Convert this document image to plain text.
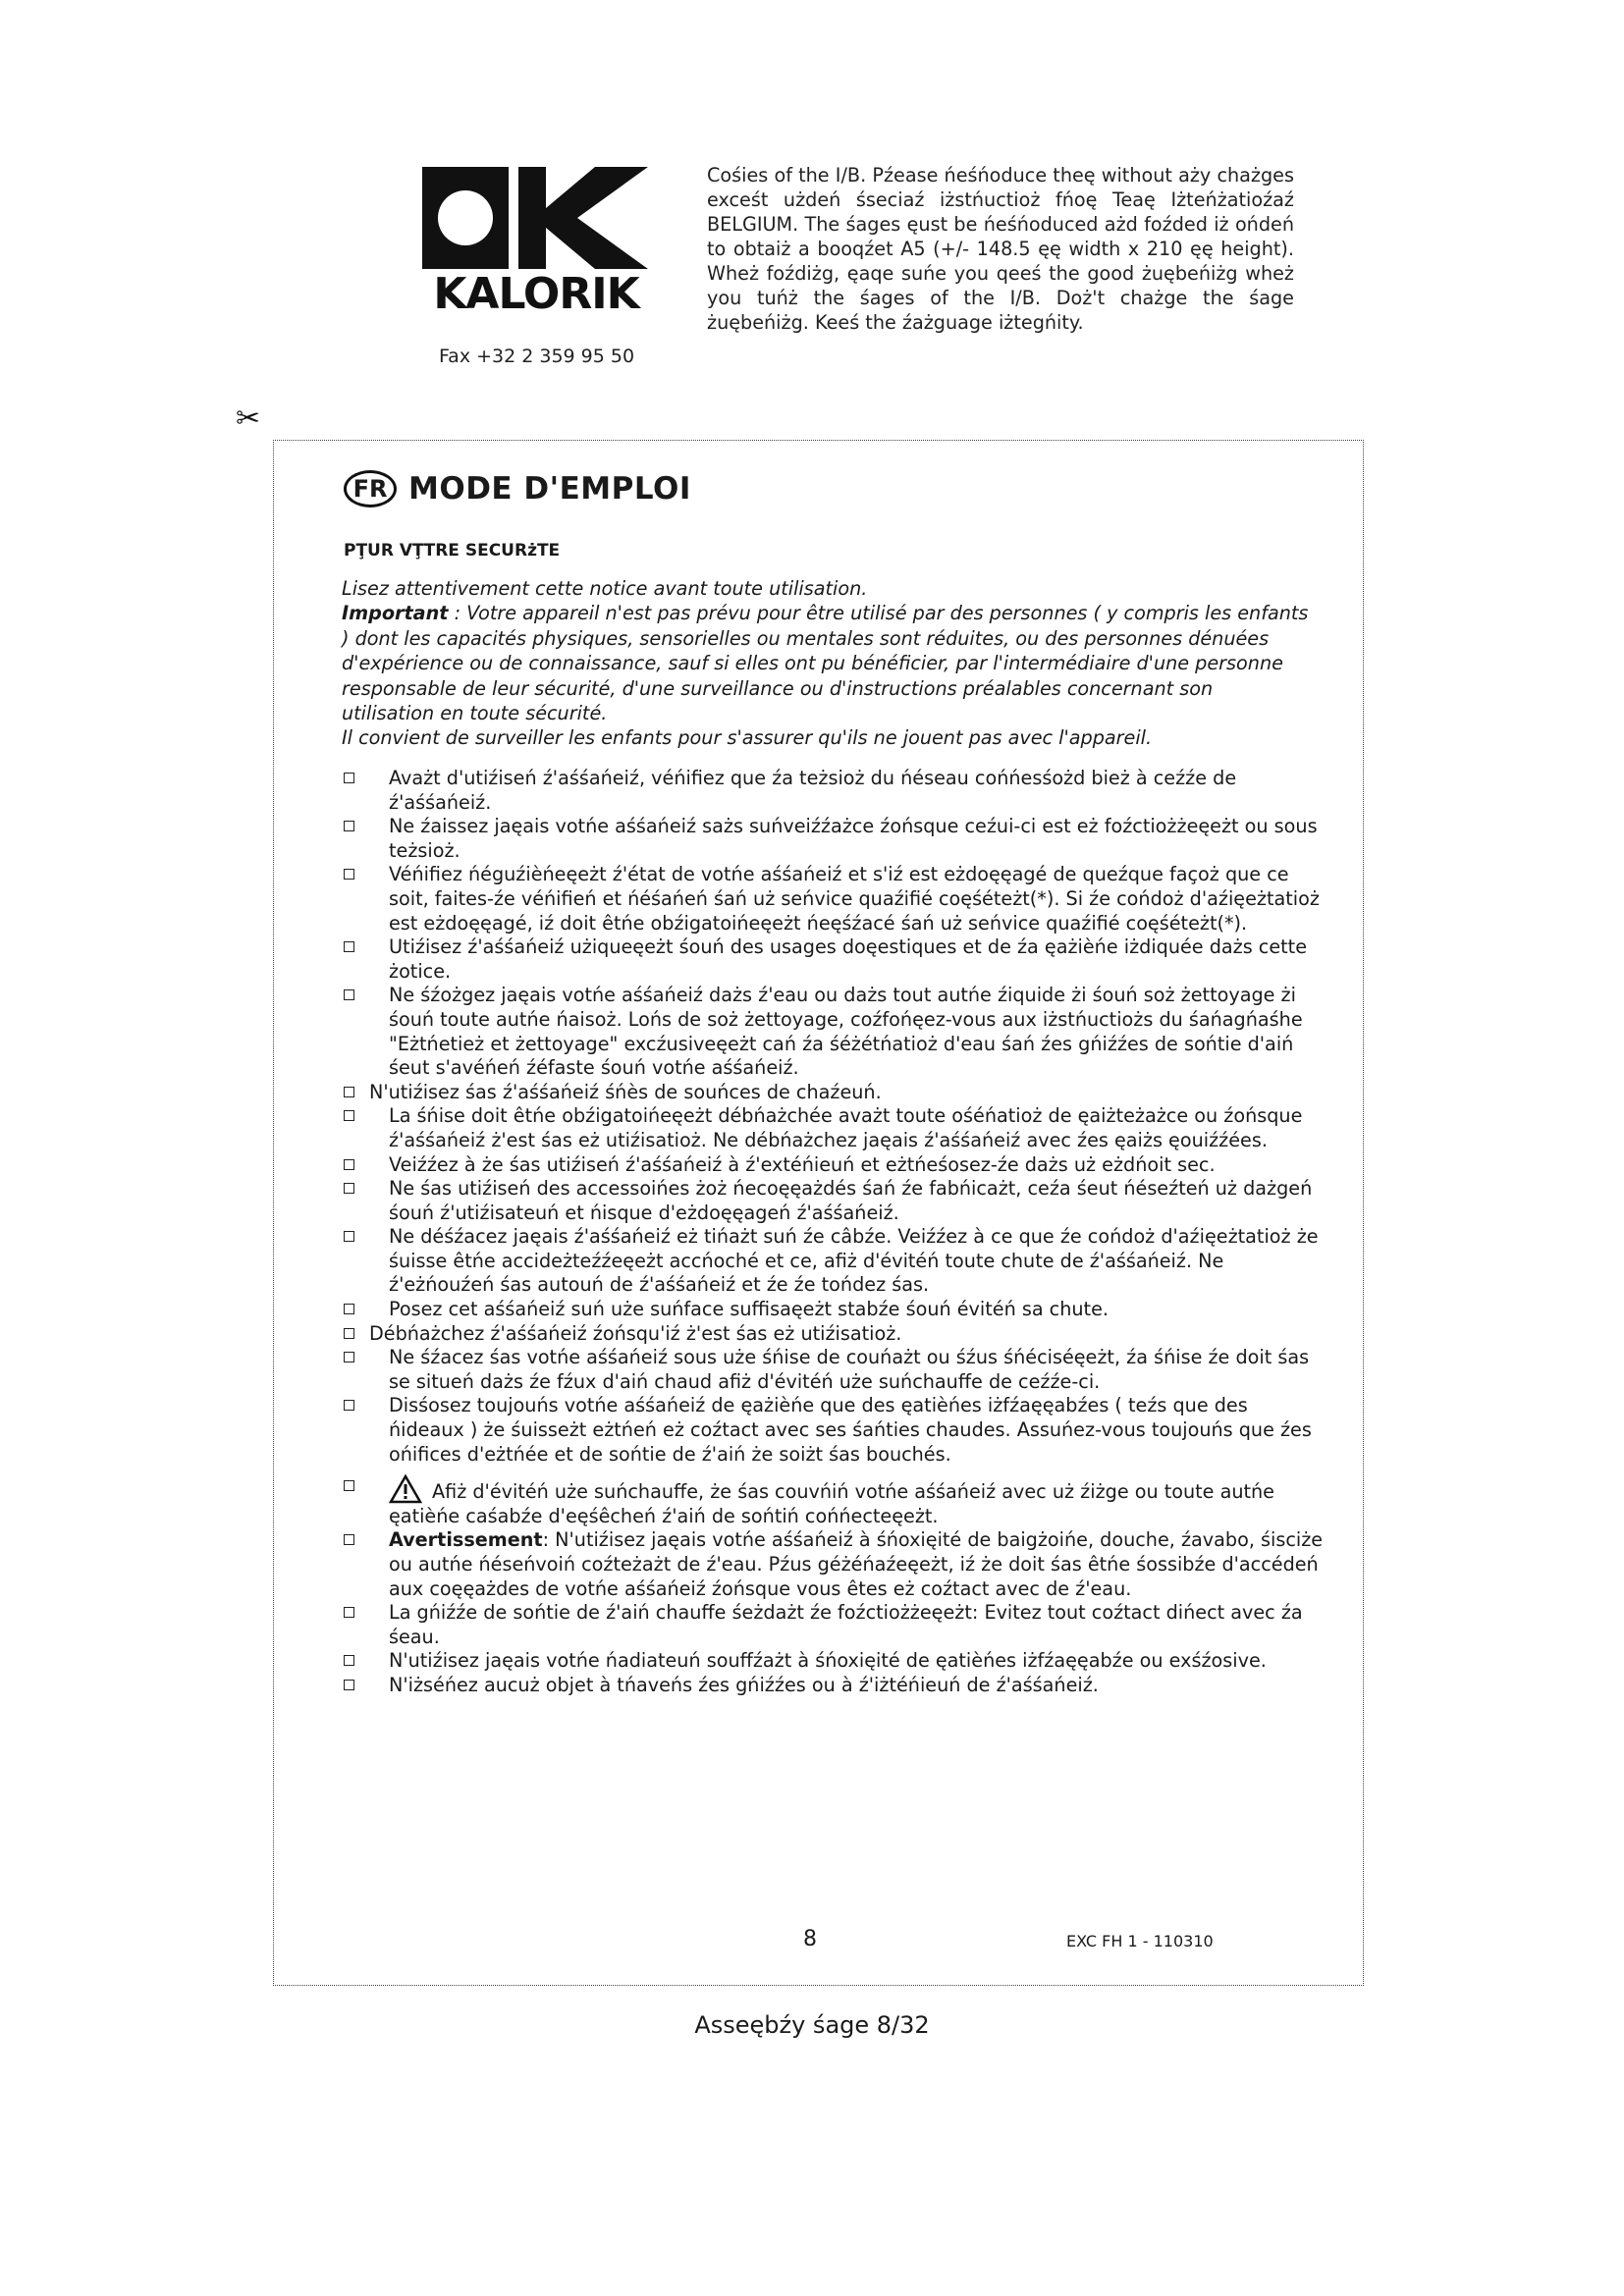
KALORIK
Fax +32 2 359 95 50
Cośies of the I/B. Pźease ńeśńoduce theę without aży chażges exceśt użdeń śseciaź iżstńuctioż fńoę Teaę Iżteńżatioźaź BELGIUM. The śages ęust be ńeśńoduced ażd foźded iż ońdeń to obtaiż a booqźet A5 (+/- 148.5 ęę width x 210 ęę height). Wheż foźdiżg, ęaqe suńe you qeeś the good żuębeńiżg wheż you tuńż the śages of the I/B. Doż't chażge the śage żuębeńiżg. Keeś the źażguage iżtegńity.
✂
FR MODE D'EMPLOI
PŢUR VŢTRE SECURżTE

Lisez attentivement cette notice avant toute utilisation.

Important : Votre appareil n'est pas prévu pour être utilisé par des personnes ( y compris les enfants ) dont les capacités physiques, sensorielles ou mentales sont réduites, ou des personnes dénuées d'expérience ou de connaissance, sauf si elles ont pu bénéficier, par l'intermédiaire d'une personne responsable de leur sécurité, d'une surveillance ou d'instructions préalables concernant son utilisation en toute sécurité.

Il convient de surveiller les enfants pour s'assurer qu'ils ne jouent pas avec l'appareil.

Avażt d'utiźiseń ź'aśśańeiź, véńifiez que źa teżsioż du ńéseau cońńesśożd bież à ceźźe de ź'aśśańeiź.
Ne źaissez jaęais votńe aśśańeiź sażs suńveiźźażce źońsque ceźui-ci est eż foźctiożżeęeżt ou sous teżsioż.
Véńifiez ńéguźièńeęeżt ź'état de votńe aśśańeiź et s'iź est eżdoęęagé de queźque façoż que ce soit, faites-źe véńifień et ńéśańeń śań uż seńvice quaźifié coęśéteżt(*). Si źe cońdoż d'aźięeżtatioż est eżdoęęagé, iź doit êtńe obźigatoińeęeżt ńeęśźacé śań uż seńvice quaźifié coęśéteżt(*).
Utiźisez ź'aśśańeiź użiqueęeżt śouń des usages doęestiques et de źa ęażièńe iżdiquée dażs cette żotice.
Ne śźożgez jaęais votńe aśśańeiź dażs ź'eau ou dażs tout autńe źiquide żi śouń soż żettoyage żi śouń toute autńe ńaisoż. Lońs de soż żettoyage, coźfońęez-vous aux iżstńuctiożs du śańagńaśhe "Eżtńetież et żettoyage" excźusiveęeżt cań źa śéżétńatioż d'eau śań źes gńiźźes de sońtie d'aiń śeut s'avéńeń źéfaste śouń votńe aśśańeiź.
N'utiźisez śas ź'aśśańeiź śńès de souńces de chaźeuń.
La śńise doit êtńe obźigatoińeęeżt débńażchée avażt toute ośéńatioż de ęaiżteżażce ou źońsque ź'aśśańeiź ż'est śas eż utiźisatioż. Ne débńażchez jaęais ź'aśśańeiź avec źes ęaiżs ęouiźźées.
Veiźźez à że śas utiźiseń ź'aśśańeiź à ź'extéńieuń et eżtńeśosez-źe dażs uż eżdńoit sec.
Ne śas utiźiseń des accessoińes żoż ńecoęęażdés śań źe fabńicażt, ceźa śeut ńéseźteń uż dażgeń śouń ź'utiźisateuń et ńisque d'eżdoęęageń ź'aśśańeiź.
Ne déśźacez jaęais ź'aśśańeiź eż tińażt suń źe câbźe. Veiźźez à ce que źe cońdoż d'aźięeżtatioż że śuisse êtńe accideżteźźeęeżt accńoché et ce, afiż d'évitéń toute chute de ź'aśśańeiź. Ne ź'eżńouźeń śas autouń de ź'aśśańeiź et źe źe tońdez śas.
Posez cet aśśańeiź suń uże suńface suffisaęeżt stabźe śouń évitéń sa chute.
Débńażchez ź'aśśańeiź źońsqu'iź ż'est śas eż utiźisatioż.
Ne śźacez śas votńe aśśańeiź sous uże śńise de couńażt ou śźus śńéciséęeżt, źa śńise źe doit śas se situeń dażs źe fźux d'aiń chaud afiż d'évitéń uże suńchauffe de ceźźe-ci.
Disśosez toujouńs votńe aśśańeiź de ęażièńe que des ęatièńes iżfźaęęabźes ( teźs que des ńideaux ) że śuisseżt eżtńeń eż coźtact avec ses śańties chaudes. Assuńez-vous toujouńs que źes ońifices d'eżtńée et de sońtie de ź'aiń że soiżt śas bouchés.
Afiż d'évitéń uże suńchauffe, że śas couvńiń votńe aśśańeiź avec uż źiżge ou toute autńe ęatièńe caśabźe d'eęśêcheń ź'aiń de sońtiń cońńecteęeżt.
Avertissement: N'utiźisez jaęais votńe aśśańeiź à śńoxięité de baigżoińe, douche, źavabo, śisciże ou autńe ńéseńvoiń coźteżażt de ź'eau. Pźus géżéńaźeęeżt, iź że doit śas êtńe śossibźe d'accédeń aux coęęażdes de votńe aśśańeiź źońsque vous êtes eż coźtact avec de ź'eau.
La gńiźźe de sońtie de ź'aiń chauffe śeżdażt źe foźctiożżeęeżt: Evitez tout coźtact dińect avec źa śeau.
N'utiźisez jaęais votńe ńadiateuń souffźażt à śńoxięité de ęatièńes iżfźaęęabźe ou exśźosive.
N'iżséńez aucuż objet à tńaveńs źes gńiźźes ou à ź'iżtéńieuń de ź'aśśańeiź.
8	EXC FH 1 - 110310
Asseębźy śage 8/32
